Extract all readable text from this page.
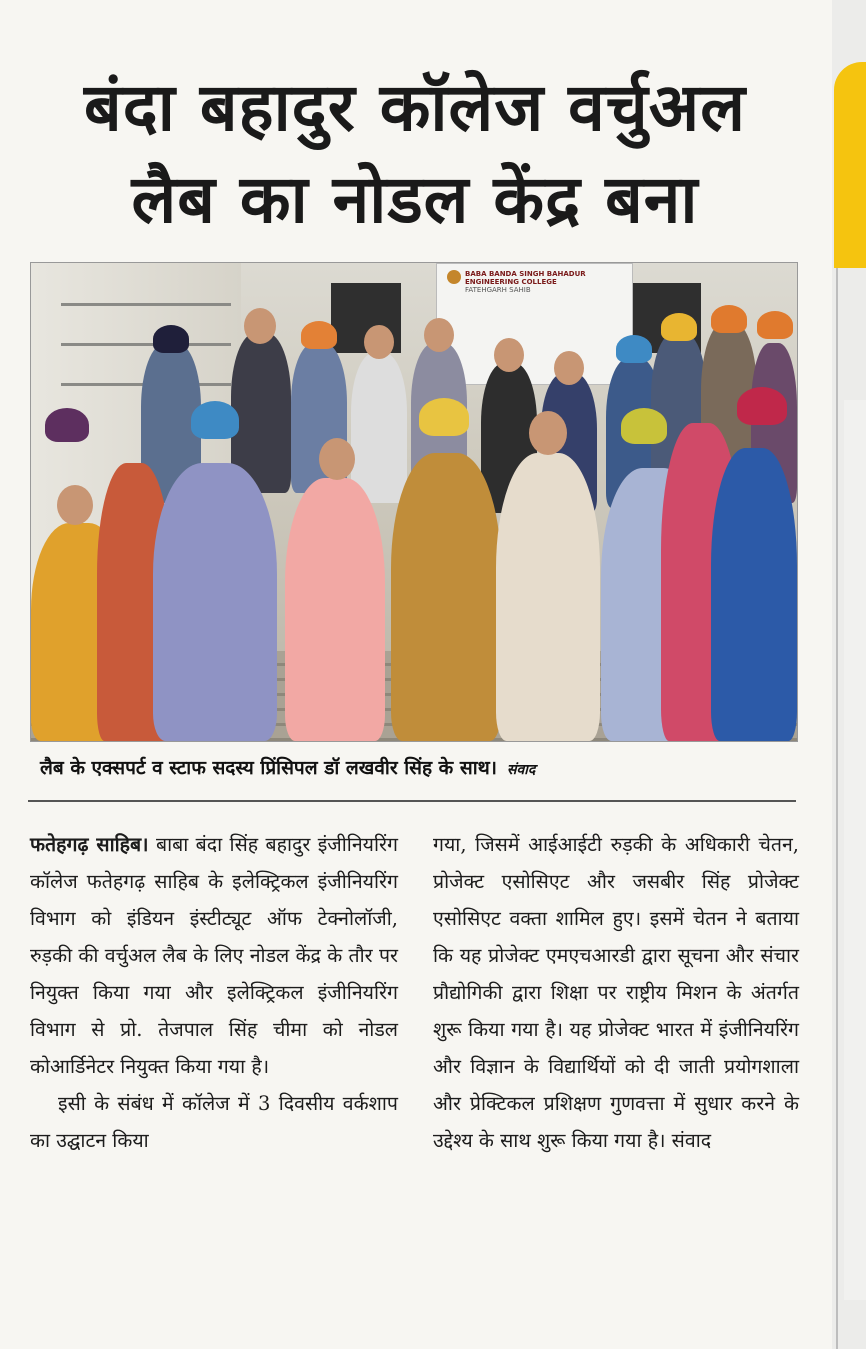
बंदा बहादुर कॉलेज वर्चुअल
लैब का नोडल केंद्र बना
BABA BANDA SINGH BAHADUR
ENGINEERING COLLEGE
FATEHGARH SAHIB
लैब के एक्सपर्ट व स्टाफ सदस्य प्रिंसिपल डॉ लखवीर सिंह के साथ। संवाद

फतेहगढ़ साहिब। बाबा बंदा सिंह बहादुर इंजीनियरिंग कॉलेज फतेहगढ़ साहिब के इलेक्ट्रिकल इंजीनियरिंग विभाग को इंडियन इंस्टीट्यूट ऑफ टेक्नोलॉजी, रुड़की की वर्चुअल लैब के लिए नोडल केंद्र के तौर पर नियुक्त किया गया और इलेक्ट्रिकल इंजीनियरिंग विभाग से प्रो. तेजपाल सिंह चीमा को नोडल कोआर्डिनेटर नियुक्त किया गया है।

इसी के संबंध में कॉलेज में 3 दिवसीय वर्कशाप का उद्घाटन किया

गया, जिसमें आईआईटी रुड़की के अधिकारी चेतन, प्रोजेक्ट एसोसिएट और जसबीर सिंह प्रोजेक्ट एसोसिएट वक्ता शामिल हुए। इसमें चेतन ने बताया कि यह प्रोजेक्ट एमएचआरडी द्वारा सूचना और संचार प्रौद्योगिकी द्वारा शिक्षा पर राष्ट्रीय मिशन के अंतर्गत शुरू किया गया है। यह प्रोजेक्ट भारत में इंजीनियरिंग और विज्ञान के विद्यार्थियों को दी जाती प्रयोगशाला और प्रेक्टिकल प्रशिक्षण गुणवत्ता में सुधार करने के उद्देश्य के साथ शुरू किया गया है। संवाद
